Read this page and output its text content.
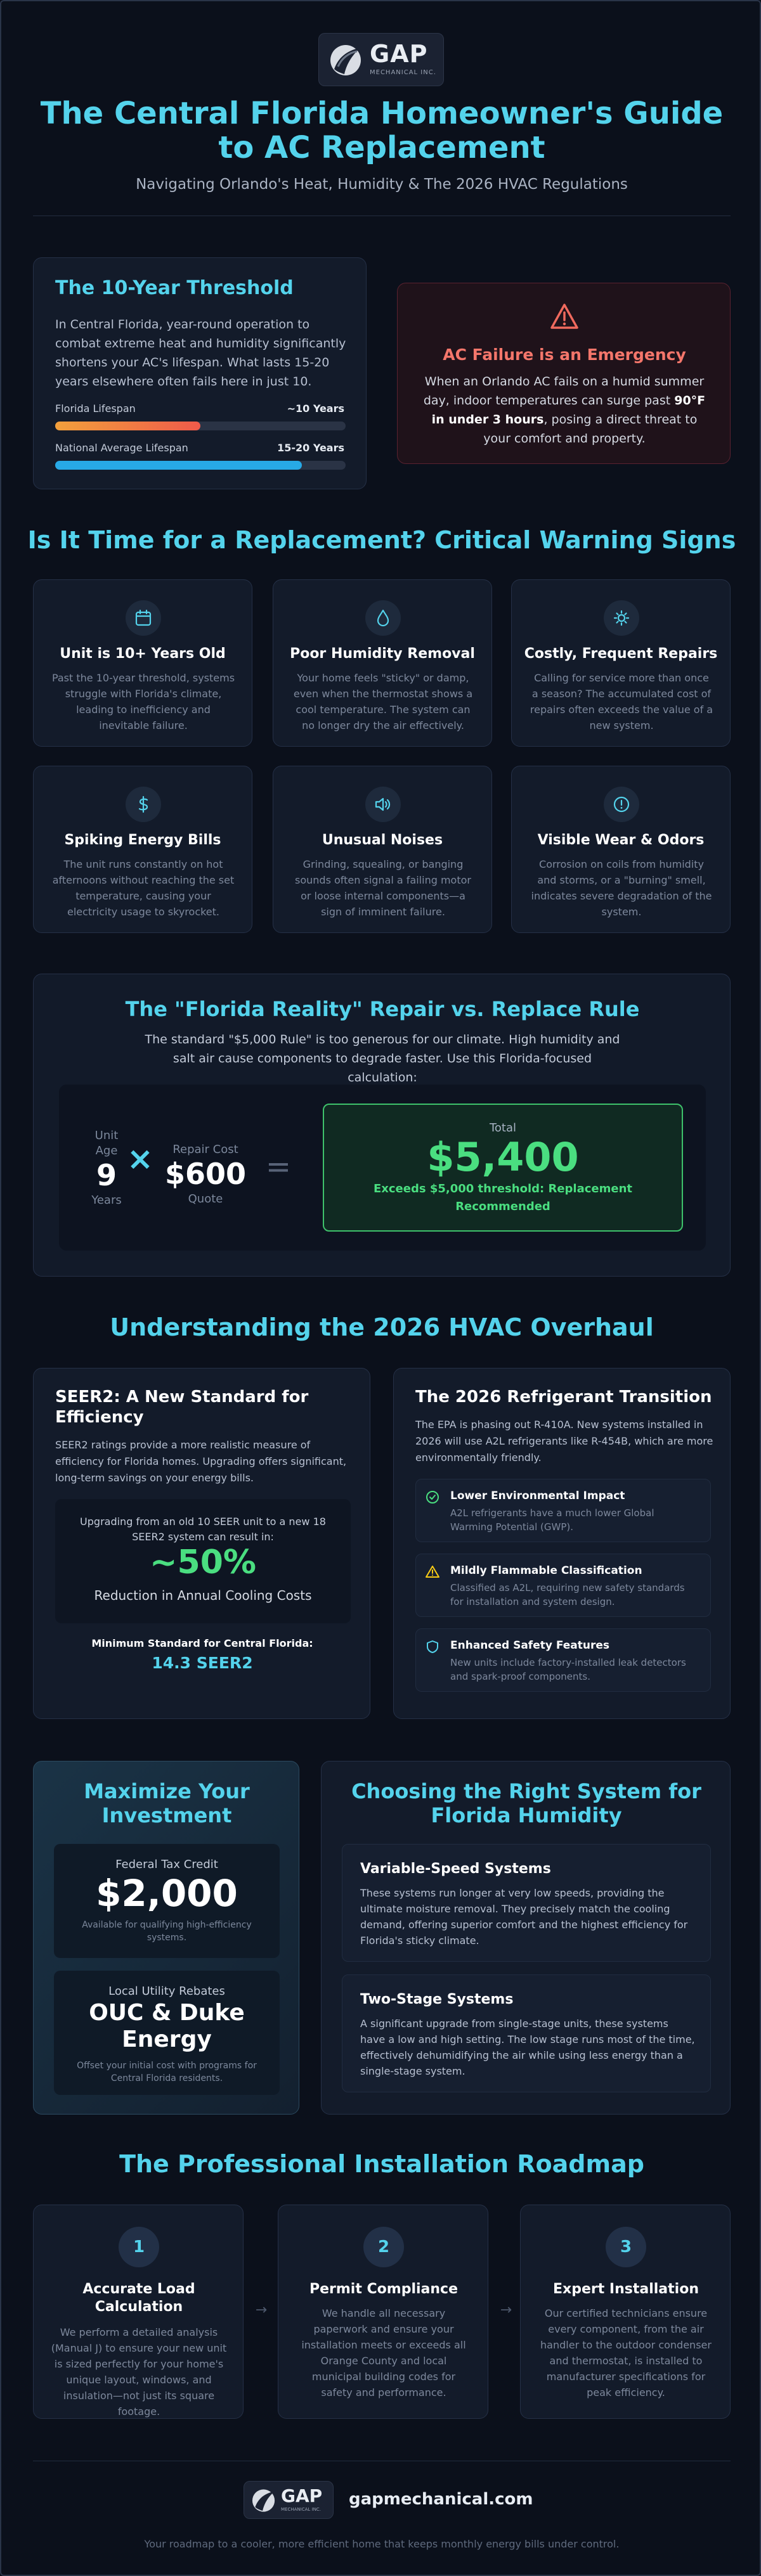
GAP
MECHANICAL INC.
The Central Florida Homeowner's Guide
to AC Replacement
Navigating Orlando's Heat, Humidity & The 2026 HVAC Regulations
The 10-Year Threshold
In Central Florida, year-round operation to combat extreme heat and humidity significantly shortens your AC's lifespan. What lasts 15-20 years elsewhere often fails here in just 10.
Florida Lifespan	~10 Years
National Average Lifespan	15-20 Years
AC Failure is an Emergency
When an Orlando AC fails on a humid summer day, indoor temperatures can surge past 90°F in under 3 hours, posing a direct threat to your comfort and property.
Is It Time for a Replacement? Critical Warning Signs
Unit is 10+ Years Old
Past the 10-year threshold, systems struggle with Florida's climate, leading to inefficiency and inevitable failure.
Poor Humidity Removal
Your home feels "sticky" or damp, even when the thermostat shows a cool temperature. The system can no longer dry the air effectively.
Costly, Frequent Repairs
Calling for service more than once a season? The accumulated cost of repairs often exceeds the value of a new system.
Spiking Energy Bills
The unit runs constantly on hot afternoons without reaching the set temperature, causing your electricity usage to skyrocket.
Unusual Noises
Grinding, squealing, or banging sounds often signal a failing motor or loose internal components—a sign of imminent failure.
Visible Wear & Odors
Corrosion on coils from humidity and storms, or a "burning" smell, indicates severe degradation of the system.
The "Florida Reality" Repair vs. Replace Rule
The standard "$5,000 Rule" is too generous for our climate. High humidity and salt air cause components to degrade faster. Use this Florida-focused calculation:
Unit
Age
9
Years
×	Repair Cost
$600
Quote
=
Total
$5,400
Exceeds $5,000 threshold: Replacement
Recommended
Understanding the 2026 HVAC Overhaul
SEER2: A New Standard for
Efficiency
SEER2 ratings provide a more realistic measure of efficiency for Florida homes. Upgrading offers significant, long-term savings on your energy bills.
Upgrading from an old 10 SEER unit to a new 18 SEER2 system can result in:
~50%
Reduction in Annual Cooling Costs
Minimum Standard for Central Florida:
14.3 SEER2
The 2026 Refrigerant Transition
The EPA is phasing out R-410A. New systems installed in 2026 will use A2L refrigerants like R-454B, which are more environmentally friendly.
Lower Environmental Impact
A2L refrigerants have a much lower Global Warming Potential (GWP).
Mildly Flammable Classification
Classified as A2L, requiring new safety standards for installation and system design.
Enhanced Safety Features
New units include factory-installed leak detectors and spark-proof components.
Maximize Your
Investment
Federal Tax Credit
$2,000
Available for qualifying high-efficiency systems.
Local Utility Rebates
OUC & Duke
Energy
Offset your initial cost with programs for Central Florida residents.
Choosing the Right System for
Florida Humidity
Variable-Speed Systems
These systems run longer at very low speeds, providing the ultimate moisture removal. They precisely match the cooling demand, offering superior comfort and the highest efficiency for Florida's sticky climate.
Two-Stage Systems
A significant upgrade from single-stage units, these systems have a low and high setting. The low stage runs most of the time, effectively dehumidifying the air while using less energy than a single-stage system.
The Professional Installation Roadmap
1
Accurate Load
Calculation
We perform a detailed analysis (Manual J) to ensure your new unit is sized perfectly for your home's unique layout, windows, and insulation—not just its square footage.
2
Permit Compliance
We handle all necessary paperwork and ensure your installation meets or exceeds all Orange County and local municipal building codes for safety and performance.
3
Expert Installation
Our certified technicians ensure every component, from the air handler to the outdoor condenser and thermostat, is installed to manufacturer specifications for peak efficiency.
GAP
MECHANICAL INC.
gapmechanical.com
Your roadmap to a cooler, more efficient home that keeps monthly energy bills under control.
→	→
